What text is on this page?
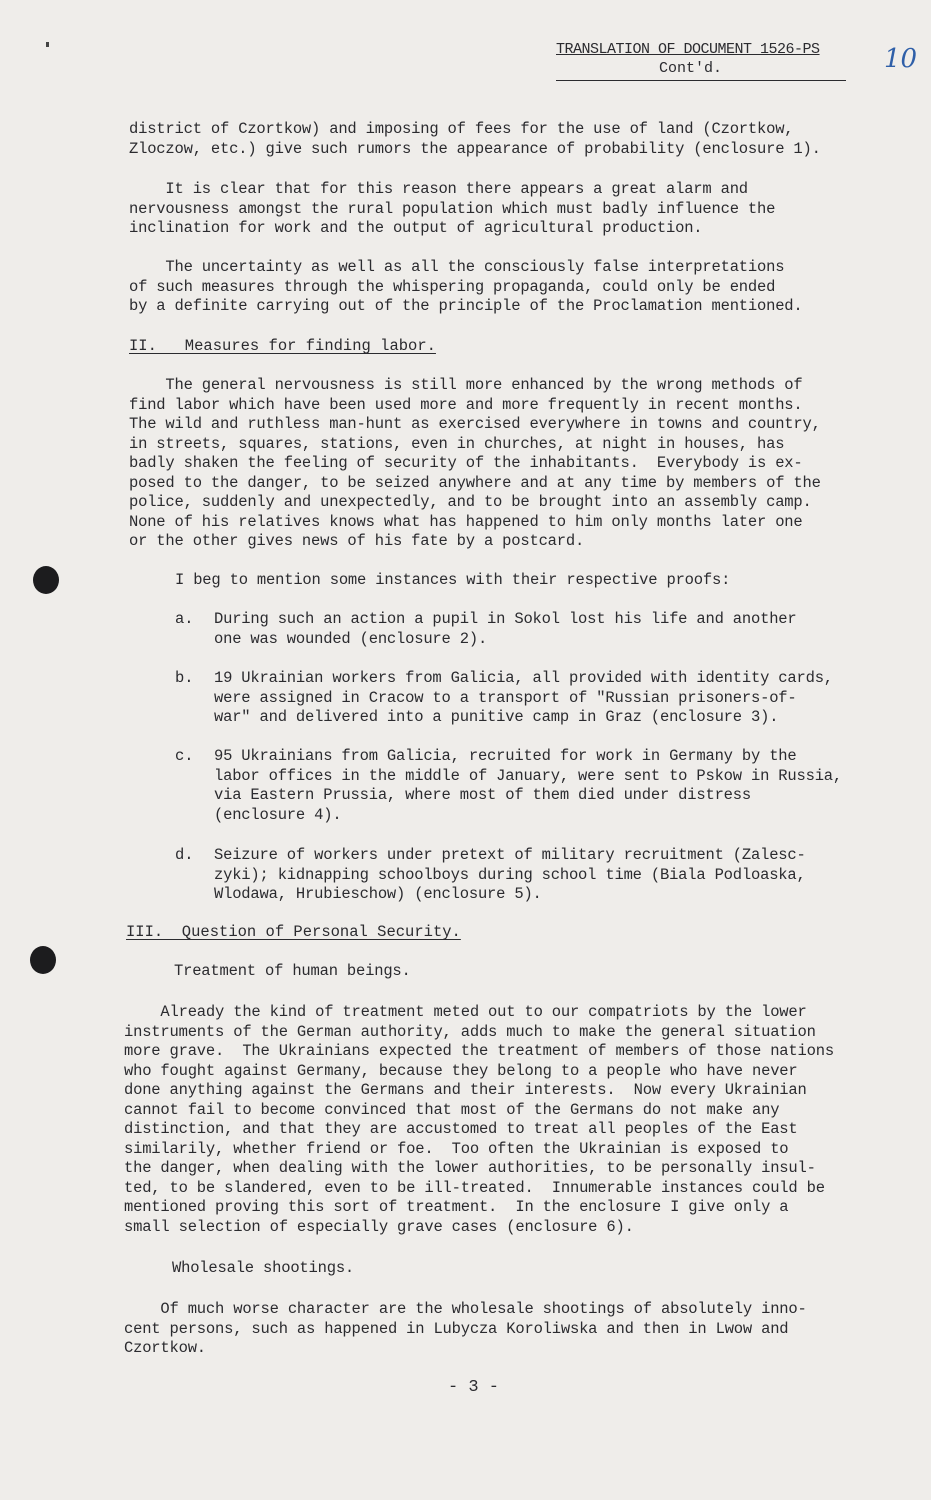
TRANSLATION OF DOCUMENT 1526-PS
Cont'd.	10
district of Czortkow) and imposing of fees for the use of land (Czortkow,
Zloczow, etc.) give such rumors the appearance of probability (enclosure 1).
It is clear that for this reason there appears a great alarm and
nervousness amongst the rural population which must badly influence the
inclination for work and the output of agricultural production.
The uncertainty as well as all the consciously false interpretations
of such measures through the whispering propaganda, could only be ended
by a definite carrying out of the principle of the Proclamation mentioned.
II.   Measures for finding labor.
The general nervousness is still more enhanced by the wrong methods of
find labor which have been used more and more frequently in recent months.
The wild and ruthless man-hunt as exercised everywhere in towns and country,
in streets, squares, stations, even in churches, at night in houses, has
badly shaken the feeling of security of the inhabitants.  Everybody is ex-
posed to the danger, to be seized anywhere and at any time by members of the
police, suddenly and unexpectedly, and to be brought into an assembly camp.
None of his relatives knows what has happened to him only months later one
or the other gives news of his fate by a postcard.
I beg to mention some instances with their respective proofs:
a. During such an action a pupil in Sokol lost his life and another
one was wounded (enclosure 2).
b. 19 Ukrainian workers from Galicia, all provided with identity cards,
were assigned in Cracow to a transport of "Russian prisoners-of-
war" and delivered into a punitive camp in Graz (enclosure 3).
c. 95 Ukrainians from Galicia, recruited for work in Germany by the
labor offices in the middle of January, were sent to Pskow in Russia,
via Eastern Prussia, where most of them died under distress
(enclosure 4).
d. Seizure of workers under pretext of military recruitment (Zalesc-
zyki); kidnapping schoolboys during school time (Biala Podloaska,
Wlodawa, Hrubieschow) (enclosure 5).
III.  Question of Personal Security.
Treatment of human beings.
Already the kind of treatment meted out to our compatriots by the lower
instruments of the German authority, adds much to make the general situation
more grave.  The Ukrainians expected the treatment of members of those nations
who fought against Germany, because they belong to a people who have never
done anything against the Germans and their interests.  Now every Ukrainian
cannot fail to become convinced that most of the Germans do not make any
distinction, and that they are accustomed to treat all peoples of the East
similarily, whether friend or foe.  Too often the Ukrainian is exposed to
the danger, when dealing with the lower authorities, to be personally insul-
ted, to be slandered, even to be ill-treated.  Innumerable instances could be
mentioned proving this sort of treatment.  In the enclosure I give only a
small selection of especially grave cases (enclosure 6).
Wholesale shootings.
Of much worse character are the wholesale shootings of absolutely inno-
cent persons, such as happened in Lubycza Koroliwska and then in Lwow and
Czortkow.
- 3 -
